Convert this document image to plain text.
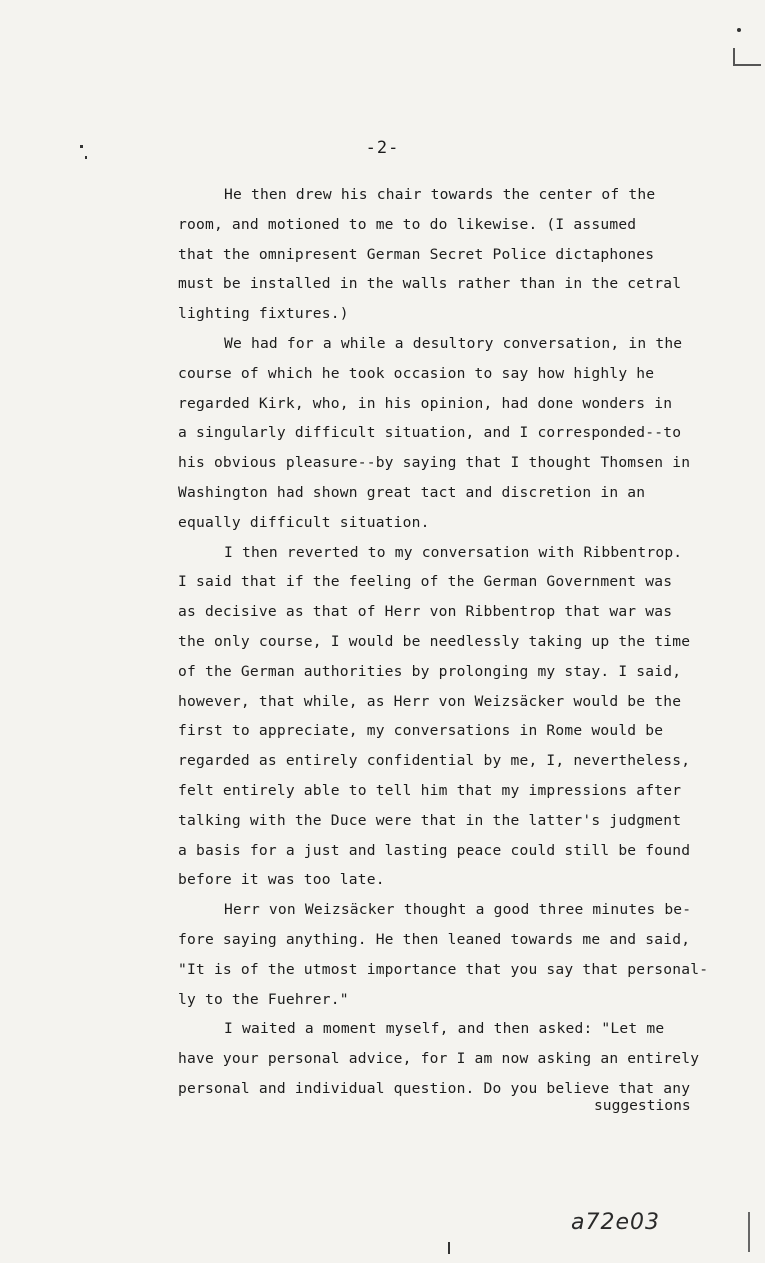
-2-
He then drew his chair towards the center of the
room, and motioned to me to do likewise. (I assumed
that the omnipresent German Secret Police dictaphones
must be installed in the walls rather than in the cetral
lighting fixtures.)
We had for a while a desultory conversation, in the
course of which he took occasion to say how highly he
regarded Kirk, who, in his opinion, had done wonders in
a singularly difficult situation, and I corresponded--to
his obvious pleasure--by saying that I thought Thomsen in
Washington had shown great tact and discretion in an
equally difficult situation.
I then reverted to my conversation with Ribbentrop.
I said that if the feeling of the German Government was
as decisive as that of Herr von Ribbentrop that war was
the only course, I would be needlessly taking up the time
of the German authorities by prolonging my stay. I said,
however, that while, as Herr von Weizsäcker would be the
first to appreciate, my conversations in Rome would be
regarded as entirely confidential by me, I, nevertheless,
felt entirely able to tell him that my impressions after
talking with the Duce were that in the latter's judgment
a basis for a just and lasting peace could still be found
before it was too late.
Herr von Weizsäcker thought a good three minutes be-
fore saying anything. He then leaned towards me and said,
"It is of the utmost importance that you say that personal-
ly to the Fuehrer."
I waited a moment myself, and then asked: "Let me
have your personal advice, for I am now asking an entirely
personal and individual question. Do you believe that any
suggestions
a72e03
